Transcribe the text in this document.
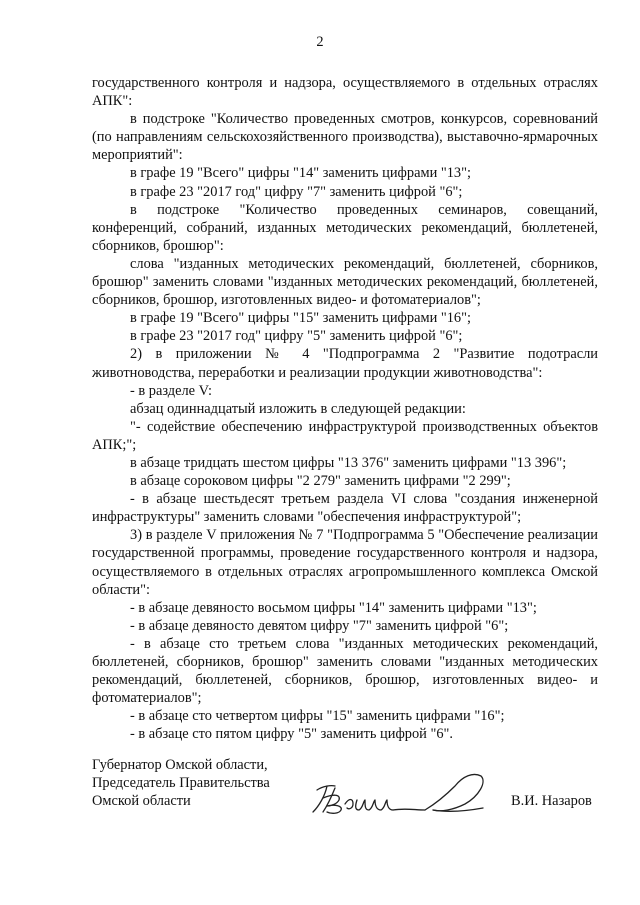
2

государственного контроля и надзора, осуществляемого в отдельных отраслях АПК":

в подстроке "Количество проведенных смотров, конкурсов, соревнований (по направлениям сельскохозяйственного производства), выставочно-ярмарочных мероприятий":

в графе 19 "Всего" цифры "14" заменить цифрами "13";

в графе 23 "2017 год" цифру "7" заменить цифрой "6";

в подстроке "Количество проведенных семинаров, совещаний, конференций, собраний, изданных методических рекомендаций, бюллетеней, сборников, брошюр":

слова "изданных методических рекомендаций, бюллетеней, сборников, брошюр" заменить словами "изданных методических рекомендаций, бюллетеней, сборников, брошюр, изготовленных видео- и фотоматериалов";

в графе 19 "Всего" цифры "15" заменить цифрами "16";

в графе 23 "2017 год" цифру "5" заменить цифрой "6";

2) в приложении № 4 "Подпрограмма 2 "Развитие подотрасли животноводства, переработки и реализации продукции животноводства":

- в разделе V:

абзац одиннадцатый изложить в следующей редакции:

"- содействие обеспечению инфраструктурой производственных объектов АПК;";

в абзаце тридцать шестом цифры "13 376" заменить цифрами "13 396";

в абзаце сороковом цифры "2 279" заменить цифрами "2 299";

- в абзаце шестьдесят третьем раздела VI слова "создания инженерной инфраструктуры" заменить словами "обеспечения инфраструктурой";

3) в разделе V приложения № 7 "Подпрограмма 5 "Обеспечение реализации государственной программы, проведение государственного контроля и надзора, осуществляемого в отдельных отраслях агропромышленного комплекса Омской области":

- в абзаце девяносто восьмом цифры "14" заменить цифрами "13";

- в абзаце девяносто девятом цифру "7" заменить цифрой "6";

- в абзаце сто третьем слова "изданных методических рекомендаций, бюллетеней, сборников, брошюр" заменить словами "изданных методических рекомендаций, бюллетеней, сборников, брошюр, изготовленных видео- и фотоматериалов";

- в абзаце сто четвертом цифры "15" заменить цифрами "16";

- в абзаце сто пятом цифру "5" заменить цифрой "6".

Губернатор Омской области,
Председатель Правительства
Омской области	В.И. Назаров
